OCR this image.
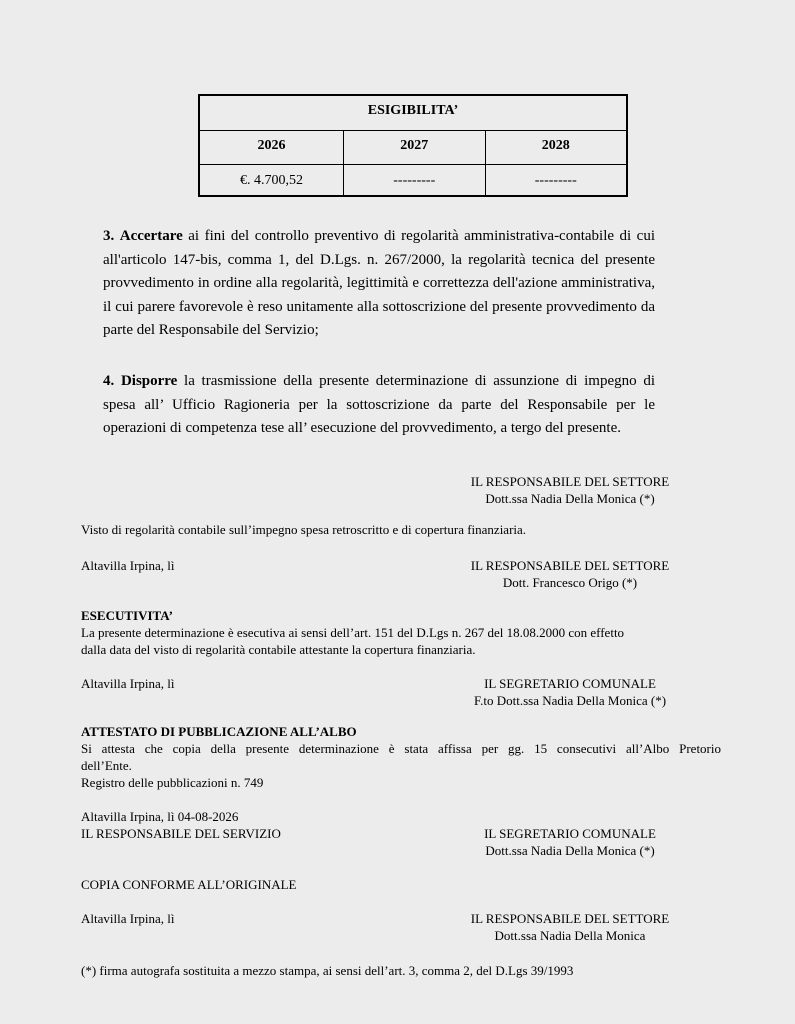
ESIGIBILITA’
2026	2027	2028
€. 4.700,52	---------	---------
3. Accertare ai fini del controllo preventivo di regolarità amministrativa-contabile di cui all'articolo 147-bis, comma 1, del D.Lgs. n. 267/2000, la regolarità tecnica del presente provvedimento in ordine alla regolarità, legittimità e correttezza dell'azione amministrativa, il cui parere favorevole è reso unitamente alla sottoscrizione del presente provvedimento da parte del Responsabile del Servizio;
4. Disporre la trasmissione della presente determinazione di assunzione di impegno di spesa all’ Ufficio Ragioneria per la sottoscrizione da parte del Responsabile per le operazioni di competenza tese all’ esecuzione del provvedimento, a tergo del presente.
IL RESPONSABILE DEL SETTORE
Dott.ssa Nadia Della Monica (*)
Visto di regolarità contabile sull’impegno spesa retroscritto e di copertura finanziaria.
Altavilla Irpina, lì	IL RESPONSABILE DEL SETTORE
Dott. Francesco Origo (*)
ESECUTIVITA’
La presente determinazione è esecutiva ai sensi dell’art. 151 del D.Lgs n. 267 del 18.08.2000 con effetto
dalla data del visto di regolarità contabile attestante la copertura finanziaria.
Altavilla Irpina, lì	IL SEGRETARIO COMUNALE
F.to Dott.ssa Nadia Della Monica (*)
ATTESTATO DI PUBBLICAZIONE ALL’ALBO
Si attesta che copia della presente determinazione è stata affissa per gg. 15 consecutivi all’Albo Pretorio
dell’Ente.
Registro delle pubblicazioni n. 749
Altavilla Irpina, lì 04-08-2026
IL RESPONSABILE DEL SERVIZIO	IL SEGRETARIO COMUNALE
Dott.ssa Nadia Della Monica (*)
COPIA CONFORME ALL’ORIGINALE
Altavilla Irpina, lì	IL RESPONSABILE DEL SETTORE
Dott.ssa Nadia Della Monica
(*) firma autografa sostituita a mezzo stampa, ai sensi dell’art. 3, comma 2, del D.Lgs 39/1993
